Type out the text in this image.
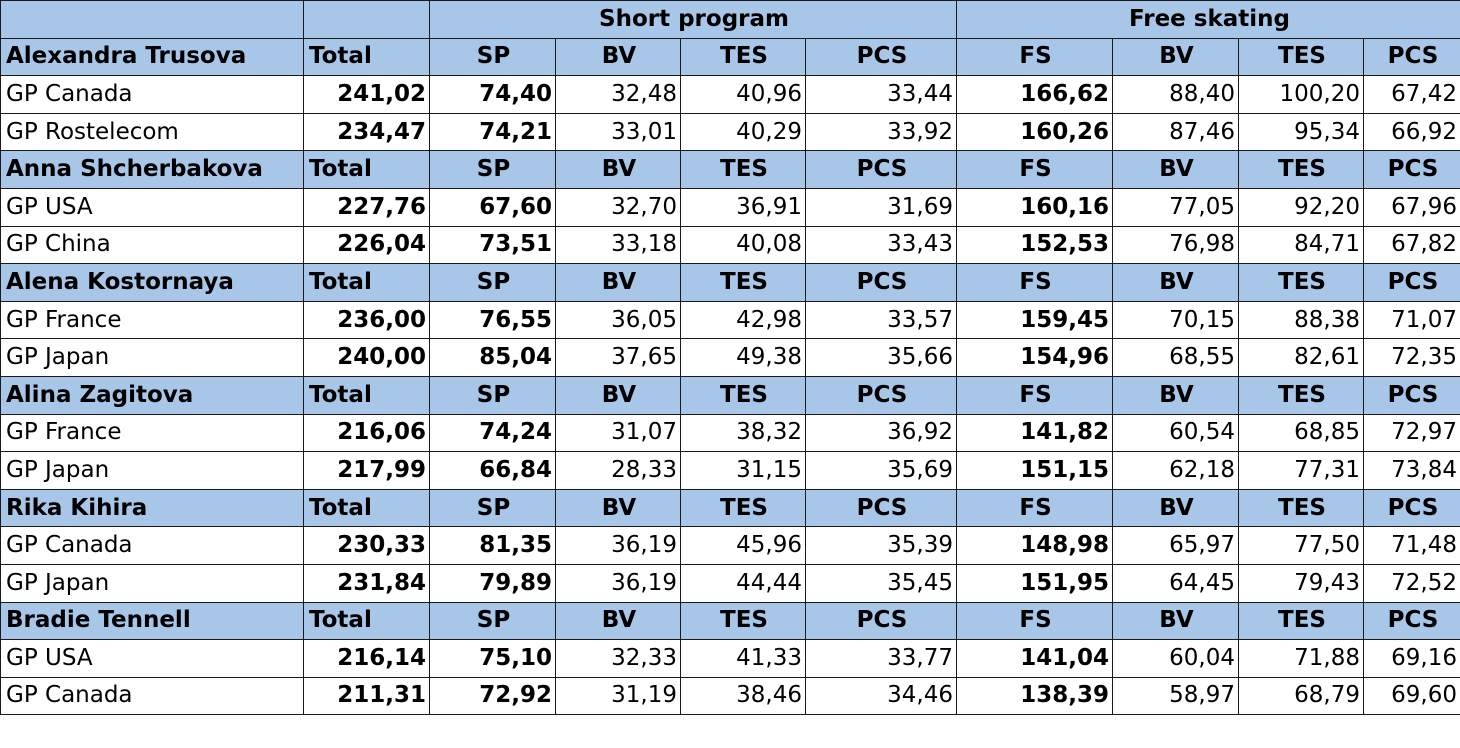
		Short program				Free skating			
Alexandra Trusova	Total	SP	BV	TES	PCS	FS	BV	TES	PCS
GP Canada	241,02	74,40	32,48	40,96	33,44	166,62	88,40	100,20	67,42
GP Rostelecom	234,47	74,21	33,01	40,29	33,92	160,26	87,46	95,34	66,92
Anna Shcherbakova	Total	SP	BV	TES	PCS	FS	BV	TES	PCS
GP USA	227,76	67,60	32,70	36,91	31,69	160,16	77,05	92,20	67,96
GP China	226,04	73,51	33,18	40,08	33,43	152,53	76,98	84,71	67,82
Alena Kostornaya	Total	SP	BV	TES	PCS	FS	BV	TES	PCS
GP France	236,00	76,55	36,05	42,98	33,57	159,45	70,15	88,38	71,07
GP Japan	240,00	85,04	37,65	49,38	35,66	154,96	68,55	82,61	72,35
Alina Zagitova	Total	SP	BV	TES	PCS	FS	BV	TES	PCS
GP France	216,06	74,24	31,07	38,32	36,92	141,82	60,54	68,85	72,97
GP Japan	217,99	66,84	28,33	31,15	35,69	151,15	62,18	77,31	73,84
Rika Kihira	Total	SP	BV	TES	PCS	FS	BV	TES	PCS
GP Canada	230,33	81,35	36,19	45,96	35,39	148,98	65,97	77,50	71,48
GP Japan	231,84	79,89	36,19	44,44	35,45	151,95	64,45	79,43	72,52
Bradie Tennell	Total	SP	BV	TES	PCS	FS	BV	TES	PCS
GP USA	216,14	75,10	32,33	41,33	33,77	141,04	60,04	71,88	69,16
GP Canada	211,31	72,92	31,19	38,46	34,46	138,39	58,97	68,79	69,60
